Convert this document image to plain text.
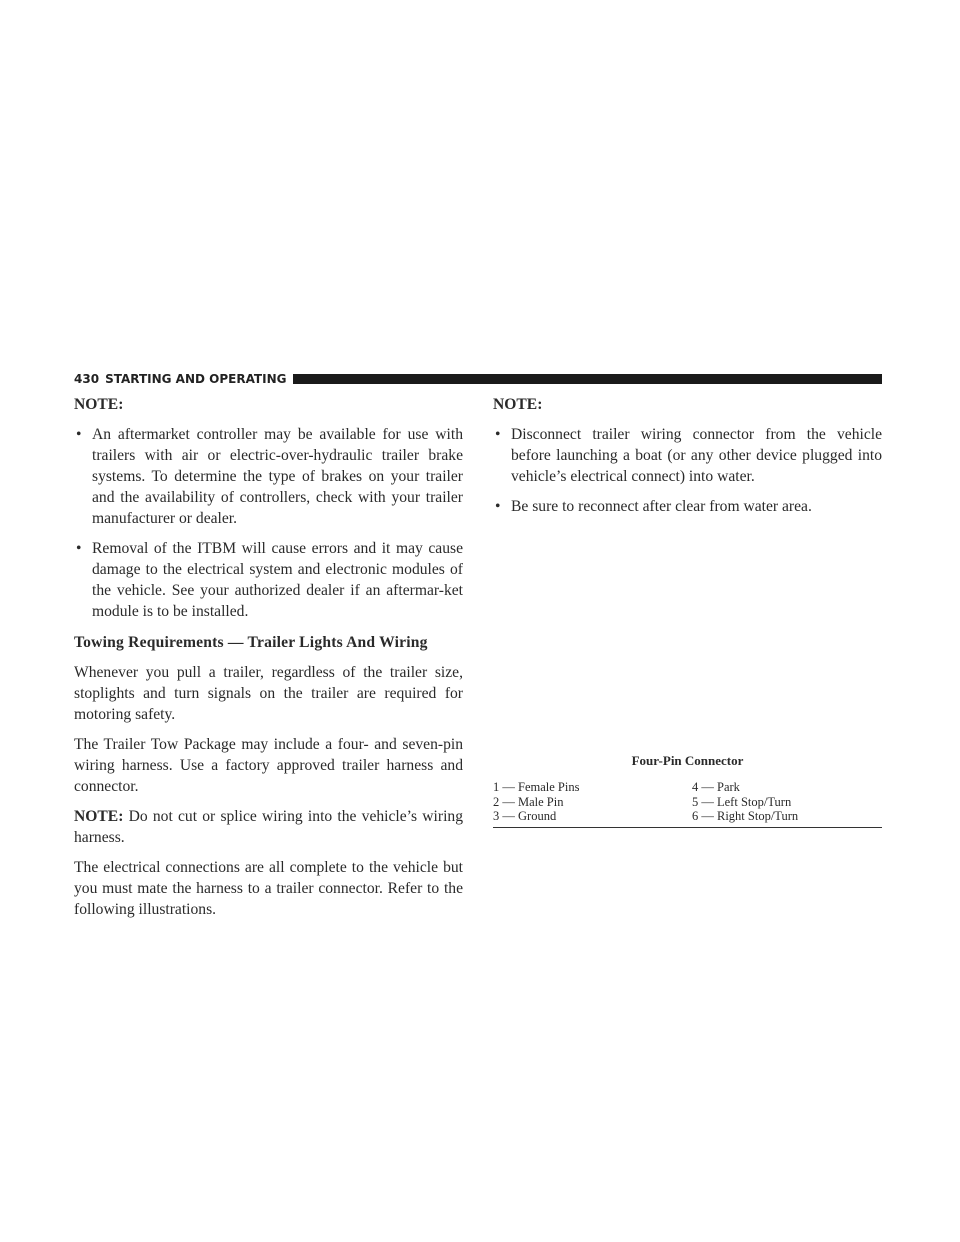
430 STARTING AND OPERATING
NOTE:
• An aftermarket controller may be available for use with trailers with air or electric-over-hydraulic trailer brake systems. To determine the type of brakes on your trailer and the availability of controllers, check with your trailer manufacturer or dealer.
• Removal of the ITBM will cause errors and it may cause damage to the electrical system and electronic modules of the vehicle. See your authorized dealer if an aftermar-ket module is to be installed.
Towing Requirements — Trailer Lights And Wiring

Whenever you pull a trailer, regardless of the trailer size, stoplights and turn signals on the trailer are required for motoring safety.

The Trailer Tow Package may include a four- and seven-pin wiring harness. Use a factory approved trailer harness and connector.

NOTE: Do not cut or splice wiring into the vehicle’s wiring harness.

The electrical connections are all complete to the vehicle but you must mate the harness to a trailer connector. Refer to the following illustrations.

NOTE:
• Disconnect trailer wiring connector from the vehicle before launching a boat (or any other device plugged into vehicle’s electrical connect) into water.
• Be sure to reconnect after clear from water area.
Four-Pin Connector
1 — Female Pins	4 — Park
2 — Male Pin	5 — Left Stop/Turn
3 — Ground	6 — Right Stop/Turn
